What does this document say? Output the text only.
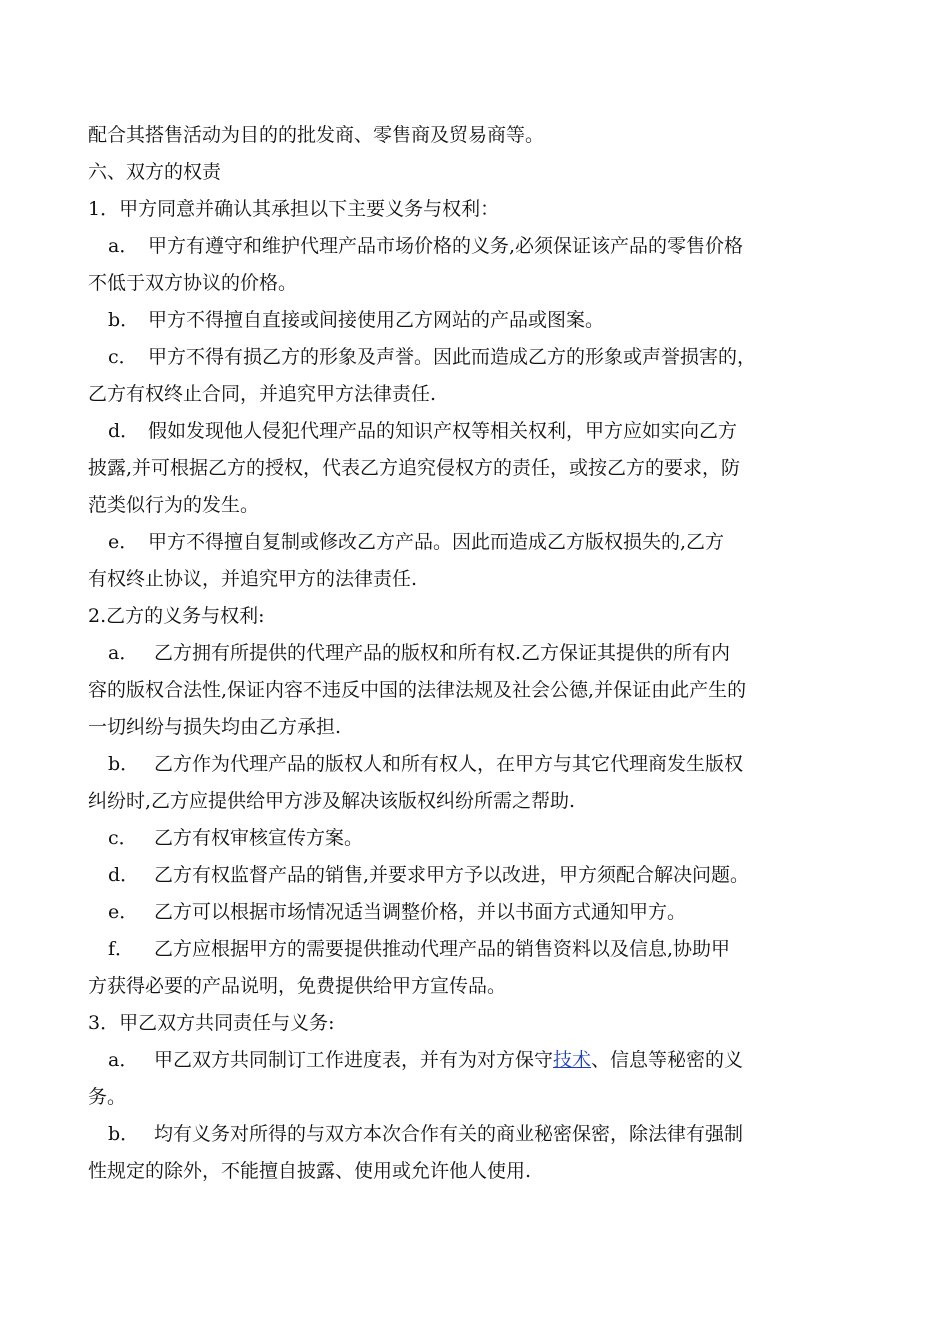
配合其搭售活动为目的的批发商、零售商及贸易商等。
六、双方的权责
1．甲方同意并确认其承担以下主要义务与权利：
a． 甲方有遵守和维护代理产品市场价格的义务,必须保证该产品的零售价格
不低于双方协议的价格。
b． 甲方不得擅自直接或间接使用乙方网站的产品或图案。
c． 甲方不得有损乙方的形象及声誉。因此而造成乙方的形象或声誉损害的，
乙方有权终止合同，并追究甲方法律责任.
d． 假如发现他人侵犯代理产品的知识产权等相关权利，甲方应如实向乙方
披露,并可根据乙方的授权，代表乙方追究侵权方的责任，或按乙方的要求，防
范类似行为的发生。
e． 甲方不得擅自复制或修改乙方产品。因此而造成乙方版权损失的,乙方
有权终止协议，并追究甲方的法律责任.
2.乙方的义务与权利:
a． 乙方拥有所提供的代理产品的版权和所有权.乙方保证其提供的所有内
容的版权合法性,保证内容不违反中国的法律法规及社会公德,并保证由此产生的
一切纠纷与损失均由乙方承担.
b． 乙方作为代理产品的版权人和所有权人，在甲方与其它代理商发生版权
纠纷时,乙方应提供给甲方涉及解决该版权纠纷所需之帮助.
c． 乙方有权审核宣传方案。
d． 乙方有权监督产品的销售,并要求甲方予以改进，甲方须配合解决问题。
e． 乙方可以根据市场情况适当调整价格，并以书面方式通知甲方。
f． 乙方应根据甲方的需要提供推动代理产品的销售资料以及信息,协助甲
方获得必要的产品说明，免费提供给甲方宣传品。
3．甲乙双方共同责任与义务:
a． 甲乙双方共同制订工作进度表，并有为对方保守技术、信息等秘密的义
务。
b． 均有义务对所得的与双方本次合作有关的商业秘密保密，除法律有强制
性规定的除外，不能擅自披露、使用或允许他人使用.
